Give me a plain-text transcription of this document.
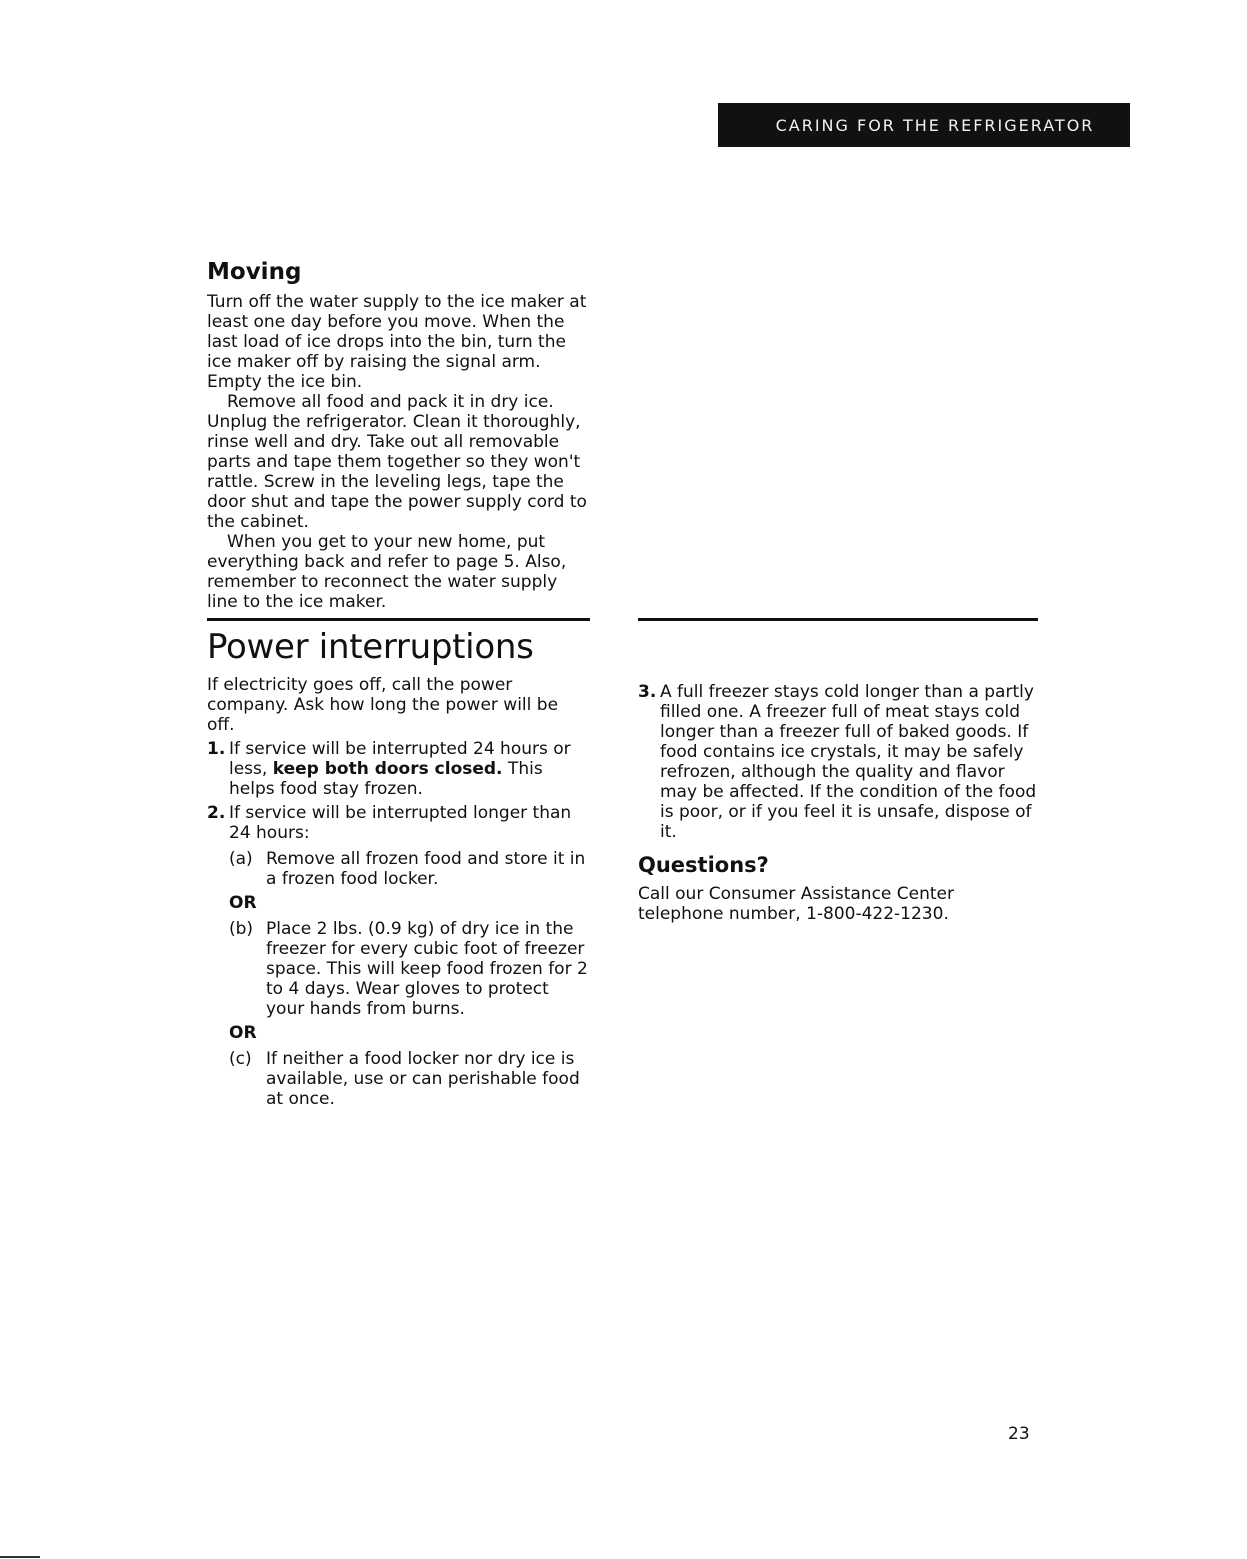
CARING FOR THE REFRIGERATOR
Moving

Turn off the water supply to the ice maker at least one day before you move. When the last load of ice drops into the bin, turn the ice maker off by raising the signal arm. Empty the ice bin.

Remove all food and pack it in dry ice. Unplug the refrigerator. Clean it thoroughly, rinse well and dry. Take out all removable parts and tape them together so they won't rattle. Screw in the leveling legs, tape the door shut and tape the power supply cord to the cabinet.

When you get to your new home, put everything back and refer to page 5. Also, remember to reconnect the water supply line to the ice maker.

Power interruptions

If electricity goes off, call the power company. Ask how long the power will be off.

1. If service will be interrupted 24 hours or less, keep both doors closed. This helps food stay frozen.
2. If service will be interrupted longer than 24 hours:
(a) Remove all frozen food and store it in a frozen food locker.
OR
(b) Place 2 lbs. (0.9 kg) of dry ice in the freezer for every cubic foot of freezer space. This will keep food frozen for 2 to 4 days. Wear gloves to protect your hands from burns.
OR
(c) If neither a food locker nor dry ice is available, use or can perishable food at once.
3. A full freezer stays cold longer than a partly filled one. A freezer full of meat stays cold longer than a freezer full of baked goods. If food contains ice crystals, it may be safely refrozen, although the quality and flavor may be affected. If the condition of the food is poor, or if you feel it is unsafe, dispose of it.
Questions?

Call our Consumer Assistance Center telephone number, 1-800-422-1230.

23
